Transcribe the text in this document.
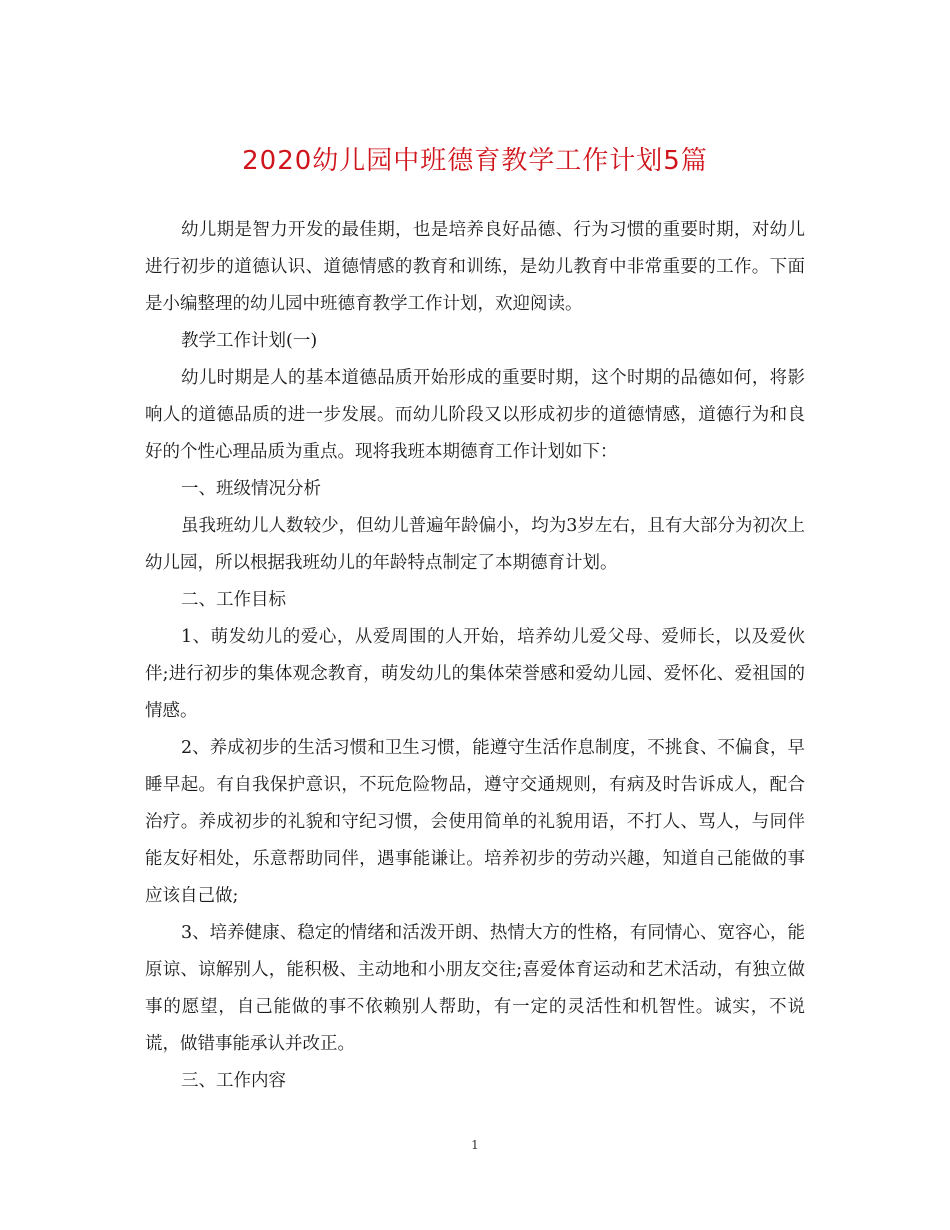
2020幼儿园中班德育教学工作计划5篇

幼儿期是智力开发的最佳期，也是培养良好品德、行为习惯的重要时期，对幼儿进行初步的道德认识、道德情感的教育和训练，是幼儿教育中非常重要的工作。下面是小编整理的幼儿园中班德育教学工作计划，欢迎阅读。

教学工作计划(一)

幼儿时期是人的基本道德品质开始形成的重要时期，这个时期的品德如何，将影响人的道德品质的进一步发展。而幼儿阶段又以形成初步的道德情感，道德行为和良好的个性心理品质为重点。现将我班本期德育工作计划如下：

一、班级情况分析

虽我班幼儿人数较少，但幼儿普遍年龄偏小，均为3岁左右，且有大部分为初次上幼儿园，所以根据我班幼儿的年龄特点制定了本期德育计划。

二、工作目标

1、萌发幼儿的爱心，从爱周围的人开始，培养幼儿爱父母、爱师长，以及爱伙伴;进行初步的集体观念教育，萌发幼儿的集体荣誉感和爱幼儿园、爱怀化、爱祖国的情感。

2、养成初步的生活习惯和卫生习惯，能遵守生活作息制度，不挑食、不偏食，早睡早起。有自我保护意识，不玩危险物品，遵守交通规则，有病及时告诉成人，配合治疗。养成初步的礼貌和守纪习惯，会使用简单的礼貌用语，不打人、骂人，与同伴能友好相处，乐意帮助同伴，遇事能谦让。培养初步的劳动兴趣，知道自己能做的事应该自己做;

3、培养健康、稳定的情绪和活泼开朗、热情大方的性格，有同情心、宽容心，能原谅、谅解别人，能积极、主动地和小朋友交往;喜爱体育运动和艺术活动，有独立做事的愿望，自己能做的事不依赖别人帮助，有一定的灵活性和机智性。诚实，不说谎，做错事能承认并改正。

三、工作内容

1
